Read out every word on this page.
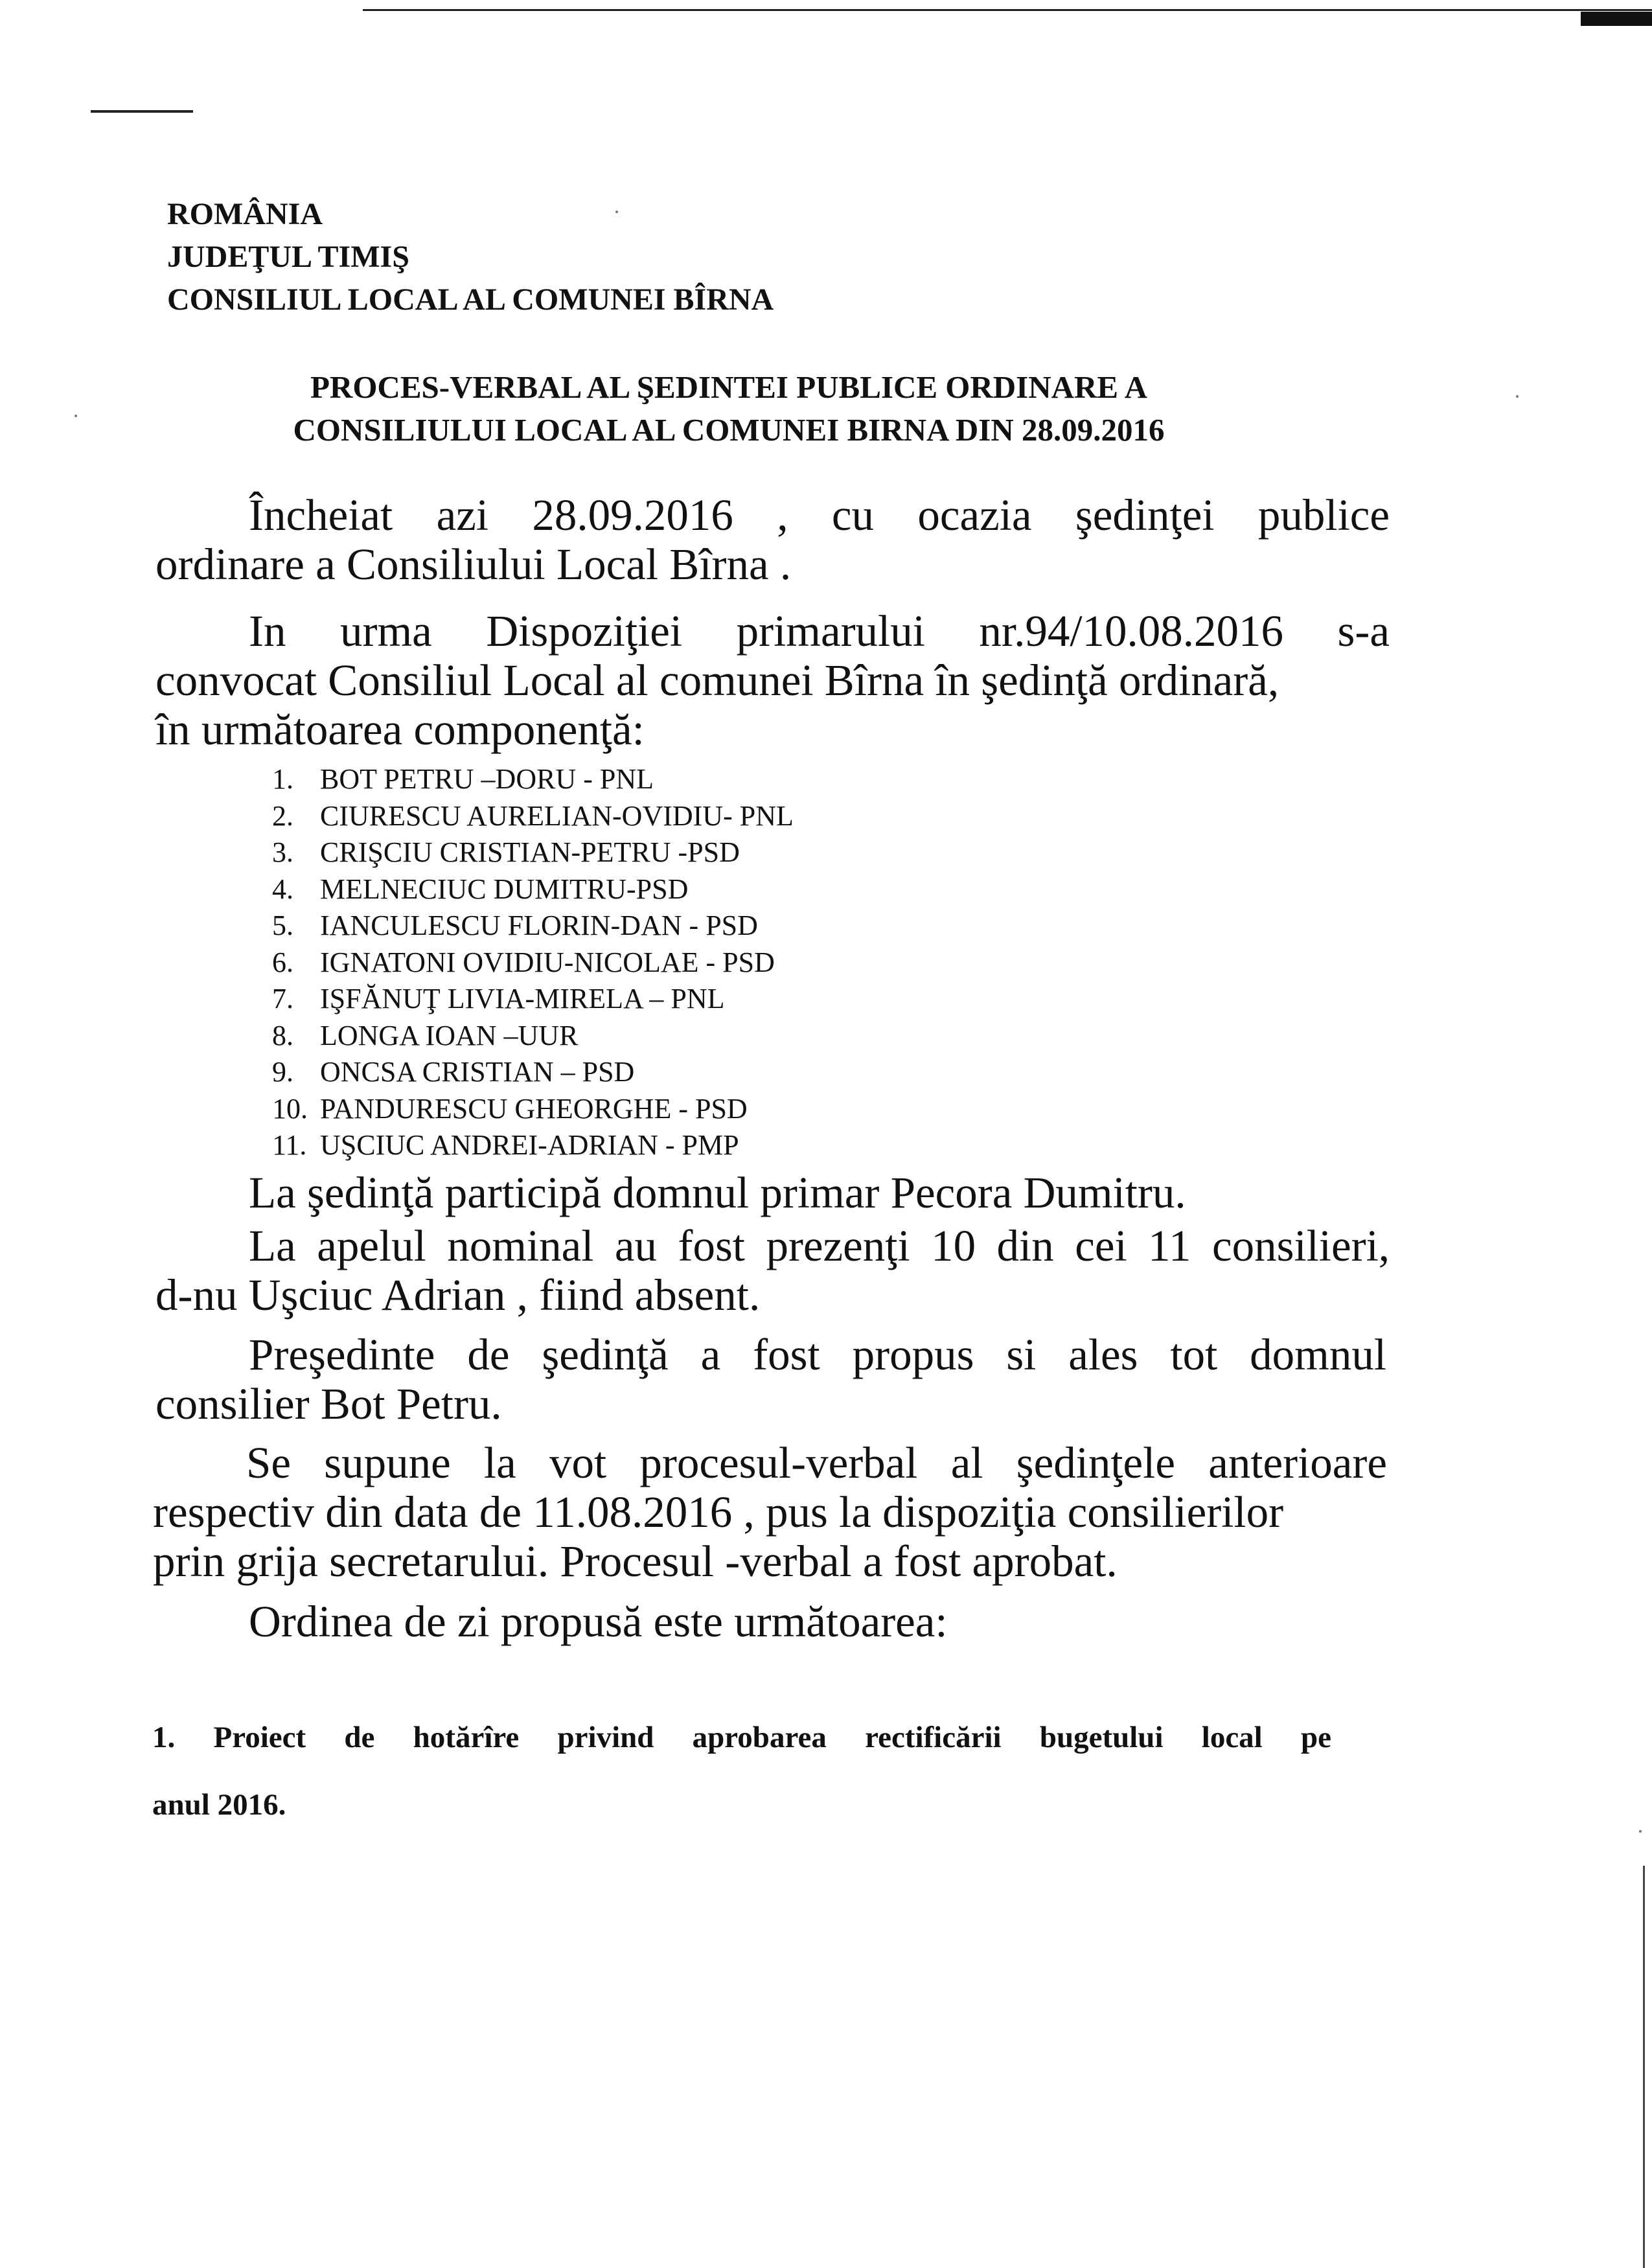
ROMÂNIA
JUDEŢUL TIMIŞ
CONSILIUL LOCAL AL COMUNEI BÎRNA
PROCES-VERBAL AL ŞEDINTEI PUBLICE ORDINARE A
CONSILIULUI LOCAL AL COMUNEI BIRNA DIN 28.09.2016
Încheiat azi 28.09.2016 , cu ocazia şedinţei publice
ordinare a Consiliului Local Bîrna .
In urma Dispoziţiei primarului nr.94/10.08.2016 s-a
convocat Consiliul Local al comunei Bîrna în şedinţă ordinară,
în următoarea componenţă:
1. BOT PETRU –DORU - PNL
2. CIURESCU AURELIAN-OVIDIU- PNL
3. CRIŞCIU CRISTIAN-PETRU -PSD
4. MELNECIUC DUMITRU-PSD
5. IANCULESCU FLORIN-DAN - PSD
6. IGNATONI OVIDIU-NICOLAE - PSD
7. IŞFĂNUŢ LIVIA-MIRELA – PNL
8. LONGA IOAN –UUR
9. ONCSA CRISTIAN – PSD
10. PANDURESCU GHEORGHE - PSD
11. UŞCIUC ANDREI-ADRIAN - PMP
La şedinţă participă domnul primar Pecora Dumitru.
La apelul nominal au fost prezenţi 10 din cei 11 consilieri,
d-nu Uşciuc Adrian , fiind absent.
Preşedinte de şedinţă a fost propus si ales tot domnul
consilier Bot Petru.
Se supune la vot procesul-verbal al şedinţele anterioare
respectiv din data de 11.08.2016 , pus la dispoziţia consilierilor
prin grija secretarului. Procesul -verbal a fost aprobat.
Ordinea de zi propusă este următoarea:
1. Proiect de hotărîre privind aprobarea rectificării bugetului local pe
anul 2016.
